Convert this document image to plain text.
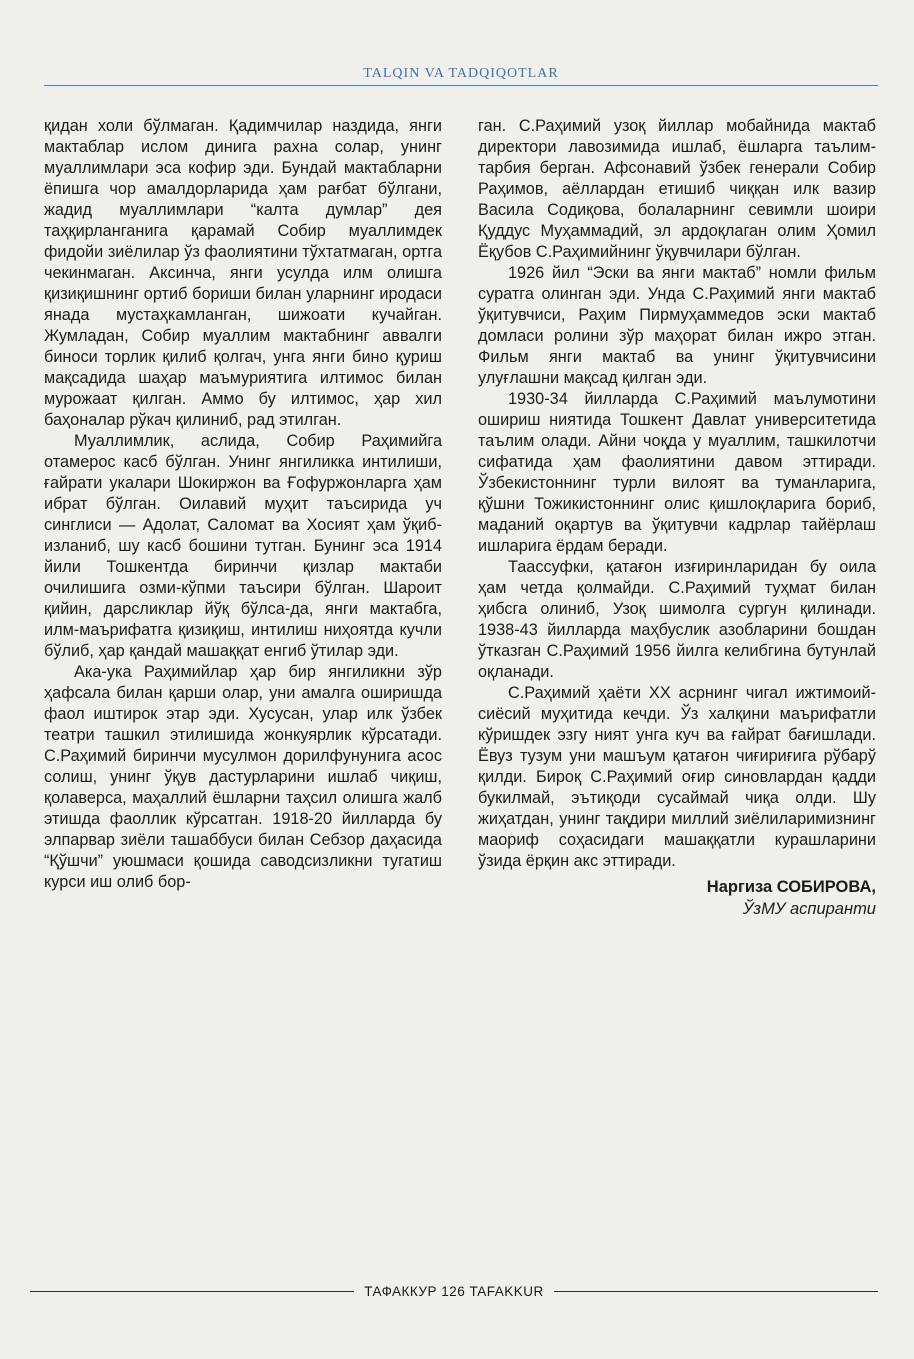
TALQIN VA TADQIQOTLAR

қидан холи бўлмаган. Қадимчилар наздида, янги мактаблар ислом динига рахна солар, унинг муаллимлари эса кофир эди. Бундай мактабларни ёпишга чор амалдорларида ҳам рағбат бўлгани, жадид муаллимлари “калта думлар” дея таҳқирланганига қарамай Собир муаллимдек фидойи зиёлилар ўз фаолиятини тўхтатмаган, ортга чекинмаган. Аксинча, янги усулда илм олишга қизиқишнинг ортиб бориши билан уларнинг иродаси янада мустаҳкамланган, шижоати кучайган. Жумладан, Собир муаллим мактабнинг аввалги биноси торлик қилиб қолгач, унга янги бино қуриш мақсадида шаҳар маъмуриятига илтимос билан мурожаат қилган. Аммо бу илтимос, ҳар хил баҳоналар рўкач қилиниб, рад этилган.

Муаллимлик, аслида, Собир Раҳимийга отамерос касб бўлган. Унинг янгиликка интилиши, ғайрати укалари Шокиржон ва Ғофуржонларга ҳам ибрат бўлган. Оилавий муҳит таъсирида уч синглиси — Адолат, Саломат ва Хосият ҳам ўқиб-изланиб, шу касб бошини тутган. Бунинг эса 1914 йили Тошкентда биринчи қизлар мактаби очилишига озми-кўпми таъсири бўлган. Шароит қийин, дарсликлар йўқ бўлса-да, янги мактабга, илм-маърифатга қизиқиш, интилиш ниҳоятда кучли бўлиб, ҳар қандай машаққат енгиб ўтилар эди.

Ака-ука Раҳимийлар ҳар бир янгиликни зўр ҳафсала билан қарши олар, уни амалга оширишда фаол иштирок этар эди. Хусусан, улар илк ўзбек театри ташкил этилишида жонкуярлик кўрсатади. С.Раҳимий биринчи мусулмон дорилфунунига асос солиш, унинг ўқув дастурларини ишлаб чиқиш, қолаверса, маҳаллий ёшларни таҳсил олишга жалб этишда фаоллик кўрсатган. 1918-20 йилларда бу элпарвар зиёли ташаббуси билан Себзор даҳасида “Қўшчи” уюшмаси қошида саводсизликни тугатиш курси иш олиб бор-

ган. С.Раҳимий узоқ йиллар мобайнида мактаб директори лавозимида ишлаб, ёшларга таълим-тарбия берган. Афсонавий ўзбек генерали Собир Раҳимов, аёллардан етишиб чиққан илк вазир Васила Содиқова, болаларнинг севимли шоири Қуддус Муҳаммадий, эл ардоқлаган олим Ҳомил Ёқубов С.Раҳимийнинг ўқувчилари бўлган.

1926 йил “Эски ва янги мактаб” номли фильм суратга олинган эди. Унда С.Раҳимий янги мактаб ўқитувчиси, Раҳим Пирмуҳаммедов эски мактаб домласи ролини зўр маҳорат билан ижро этган. Фильм янги мактаб ва унинг ўқитувчисини улуғлашни мақсад қилган эди.

1930-34 йилларда С.Раҳимий маълумотини ошириш ниятида Тошкент Давлат университетида таълим олади. Айни чоқда у муаллим, ташкилотчи сифатида ҳам фаолиятини давом эттиради. Ўзбекистоннинг турли вилоят ва туманларига, қўшни Тожикистоннинг олис қишлоқларига бориб, маданий оқартув ва ўқитувчи кадрлар тайёрлаш ишларига ёрдам беради.

Таассуфки, қатағон изғиринларидан бу оила ҳам четда қолмайди. С.Раҳимий туҳмат билан ҳибсга олиниб, Узоқ шимолга сургун қилинади. 1938-43 йилларда маҳбуслик азобларини бошдан ўтказган С.Раҳимий 1956 йилга келибгина бутунлай оқланади.

С.Раҳимий ҳаёти XX асрнинг чигал ижтимоий-сиёсий муҳитида кечди. Ўз халқини маърифатли кўришдек эзгу ният унга куч ва ғайрат бағишлади. Ёвуз тузум уни машъум қатағон чиғириғига рўбарў қилди. Бироқ С.Раҳимий оғир синовлардан қадди букилмай, эътиқоди сусаймай чиқа олди. Шу жиҳатдан, унинг тақдири миллий зиёлиларимизнинг маориф соҳасидаги машаққатли курашларини ўзида ёрқин акс эттиради.

Наргиза СОБИРОВА,
ЎзМУ аспиранти
ТАФАККУР 126 TAFAKKUR
